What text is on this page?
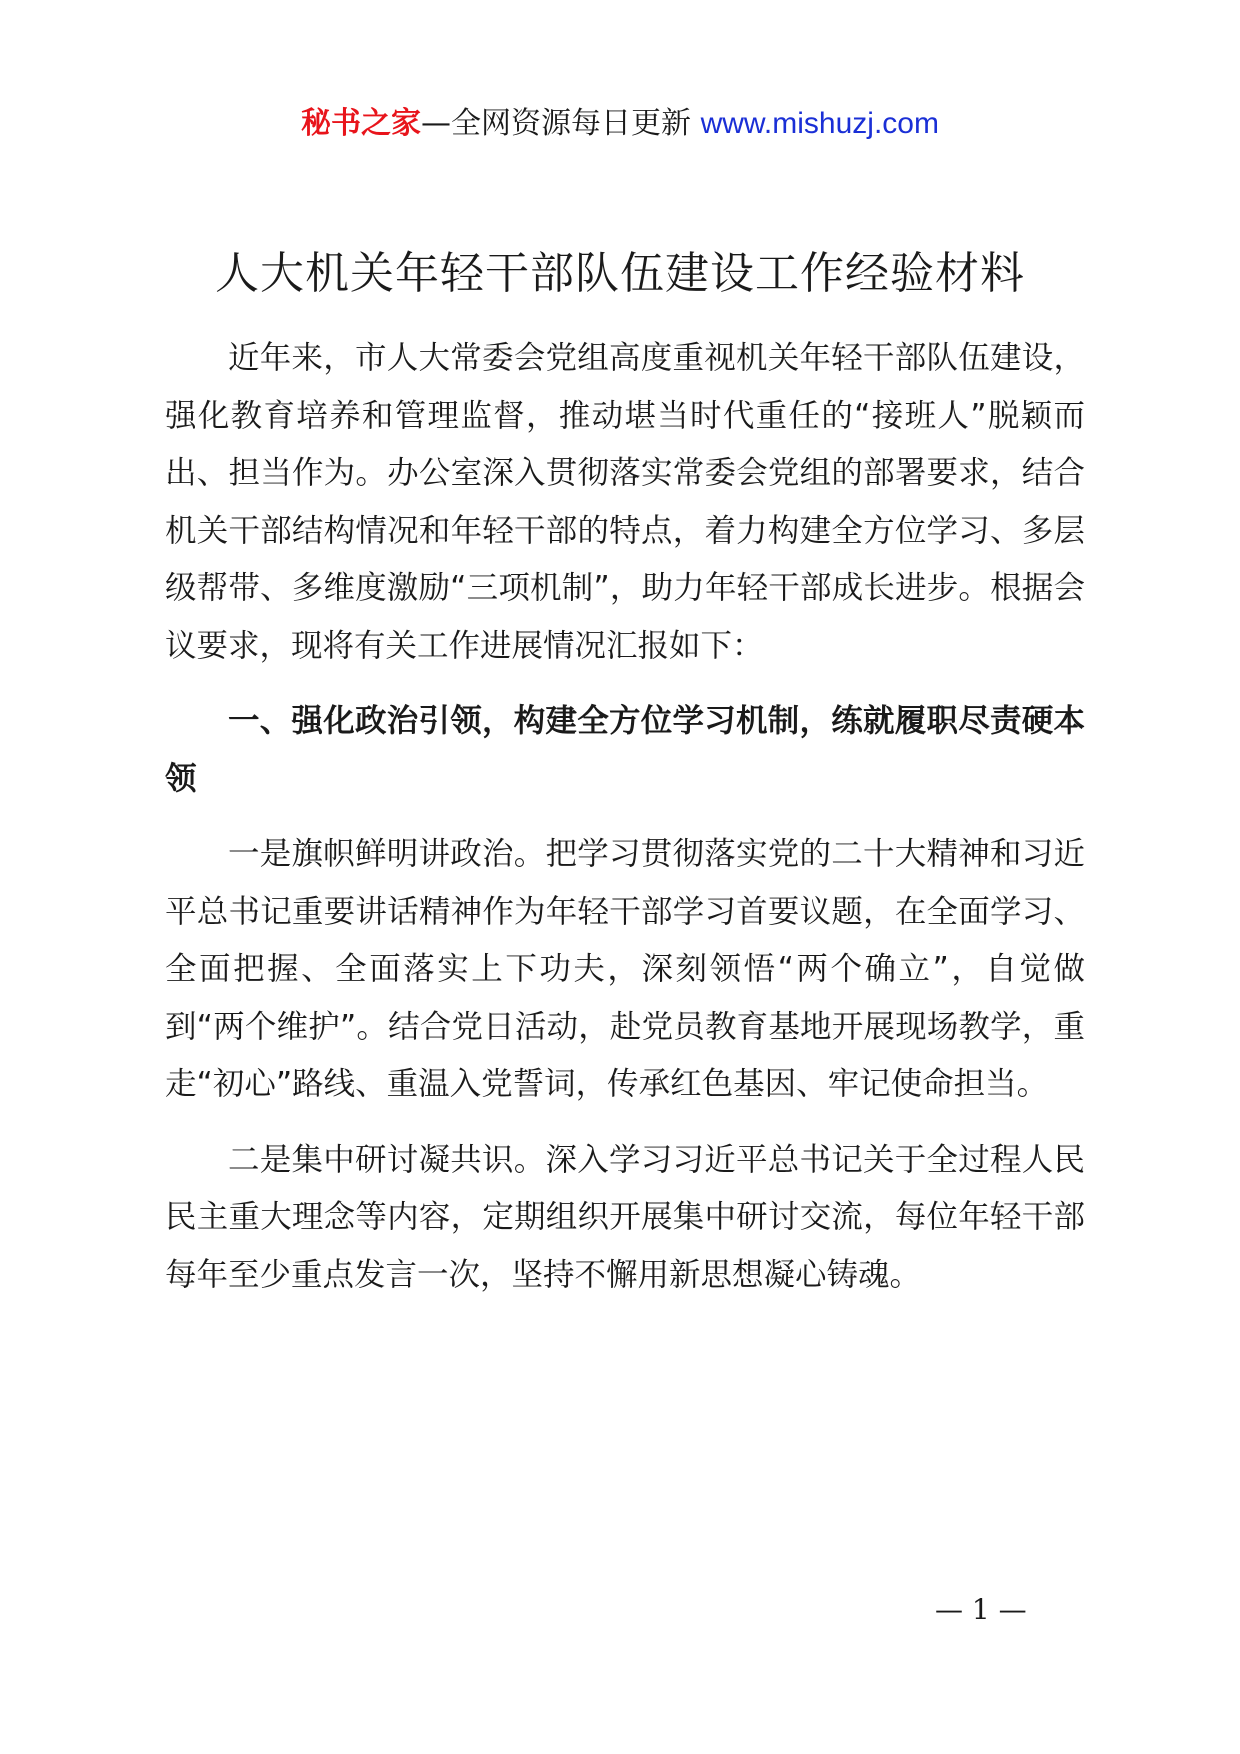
秘书之家—全网资源每日更新 www.mishuzj.com
人大机关年轻干部队伍建设工作经验材料

近年来，市人大常委会党组高度重视机关年轻干部队伍建设，强化教育培养和管理监督，推动堪当时代重任的“接班人”脱颖而出、担当作为。办公室深入贯彻落实常委会党组的部署要求，结合机关干部结构情况和年轻干部的特点，着力构建全方位学习、多层级帮带、多维度激励“三项机制”，助力年轻干部成长进步。根据会议要求，现将有关工作进展情况汇报如下：

一、强化政治引领，构建全方位学习机制，练就履职尽责硬本领

一是旗帜鲜明讲政治。把学习贯彻落实党的二十大精神和习近平总书记重要讲话精神作为年轻干部学习首要议题，在全面学习、全面把握、全面落实上下功夫，深刻领悟“两个确立”，自觉做到“两个维护”。结合党日活动，赴党员教育基地开展现场教学，重走“初心”路线、重温入党誓词，传承红色基因、牢记使命担当。

二是集中研讨凝共识。深入学习习近平总书记关于全过程人民民主重大理念等内容，定期组织开展集中研讨交流，每位年轻干部每年至少重点发言一次，坚持不懈用新思想凝心铸魂。

— 1 —
